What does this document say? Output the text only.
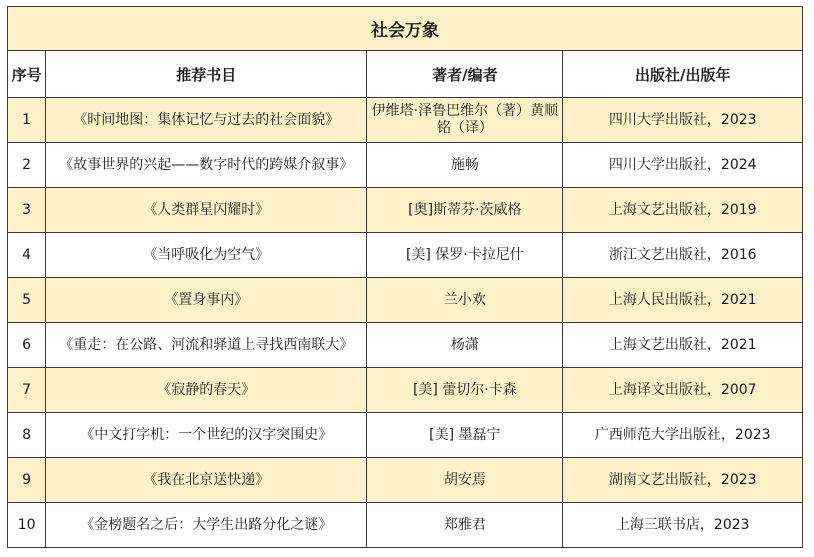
社会万象			
序号	推荐书目	著者/编者	出版社/出版年
1	《时间地图：集体记忆与过去的社会面貌》	伊维塔·泽鲁巴维尔（著）黄顺铭（译）	四川大学出版社，2023
2	《故事世界的兴起——数字时代的跨媒介叙事》	施畅	四川大学出版社，2024
3	《人类群星闪耀时》	[奥]斯蒂芬·茨威格	上海文艺出版社，2019
4	《当呼吸化为空气》	[美] 保罗·卡拉尼什	浙江文艺出版社，2016
5	《置身事内》	兰小欢	上海人民出版社，2021
6	《重走：在公路、河流和驿道上寻找西南联大》	杨潇	上海文艺出版社，2021
7	《寂静的春天》	[美] 蕾切尔·卡森	上海译文出版社，2007
8	《中文打字机：一个世纪的汉字突围史》	[美] 墨磊宁	广西师范大学出版社，2023
9	《我在北京送快递》	胡安焉	湖南文艺出版社，2023
10	《金榜题名之后：大学生出路分化之谜》	郑雅君	上海三联书店，2023
